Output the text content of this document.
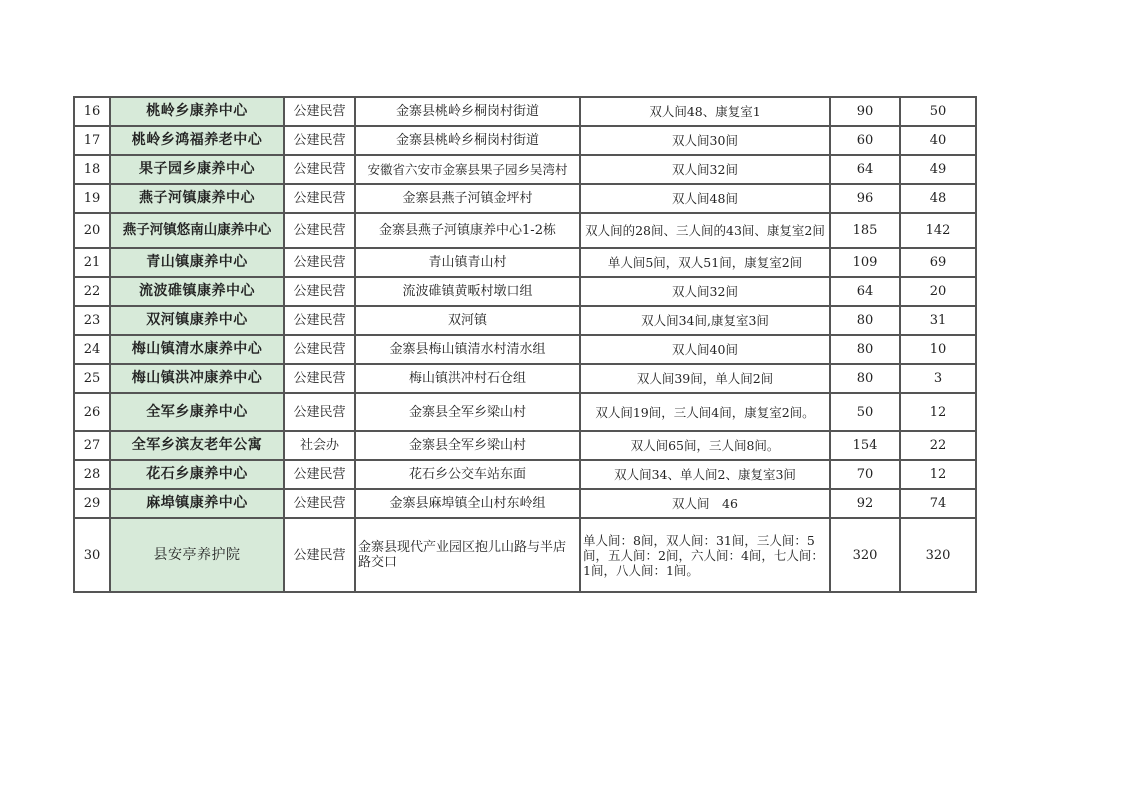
16	桃岭乡康养中心	公建民营	金寨县桃岭乡桐岗村街道	双人间48、康复室1	90	50
17	桃岭乡鸿福养老中心	公建民营	金寨县桃岭乡桐岗村街道	双人间30间	60	40
18	果子园乡康养中心	公建民营	安徽省六安市金寨县果子园乡吴湾村	双人间32间	64	49
19	燕子河镇康养中心	公建民营	金寨县燕子河镇金坪村	双人间48间	96	48
20	燕子河镇悠南山康养中心	公建民营	金寨县燕子河镇康养中心1-2栋	双人间的28间、三人间的43间、康复室2间	185	142
21	青山镇康养中心	公建民营	青山镇青山村	单人间5间，双人51间，康复室2间	109	69
22	流波碓镇康养中心	公建民营	流波碓镇黄畈村墩口组	双人间32间	64	20
23	双河镇康养中心	公建民营	双河镇	双人间34间,康复室3间	80	31
24	梅山镇清水康养中心	公建民营	金寨县梅山镇清水村清水组	双人间40间	80	10
25	梅山镇洪冲康养中心	公建民营	梅山镇洪冲村石仓组	双人间39间，单人间2间	80	3
26	全军乡康养中心	公建民营	金寨县全军乡梁山村	双人间19间，三人间4间，康复室2间。	50	12
27	全军乡滨友老年公寓	社会办	金寨县全军乡梁山村	双人间65间，三人间8间。	154	22
28	花石乡康养中心	公建民营	花石乡公交车站东面	双人间34、单人间2、康复室3间	70	12
29	麻埠镇康养中心	公建民营	金寨县麻埠镇全山村东岭组	双人间　46	92	74
30	县安亭养护院	公建民营	金寨县现代产业园区抱儿山路与半店路交口	单人间：8间，双人间：31间，三人间：5间，五人间：2间，六人间：4间，七人间：1间，八人间：1间。	320	320
